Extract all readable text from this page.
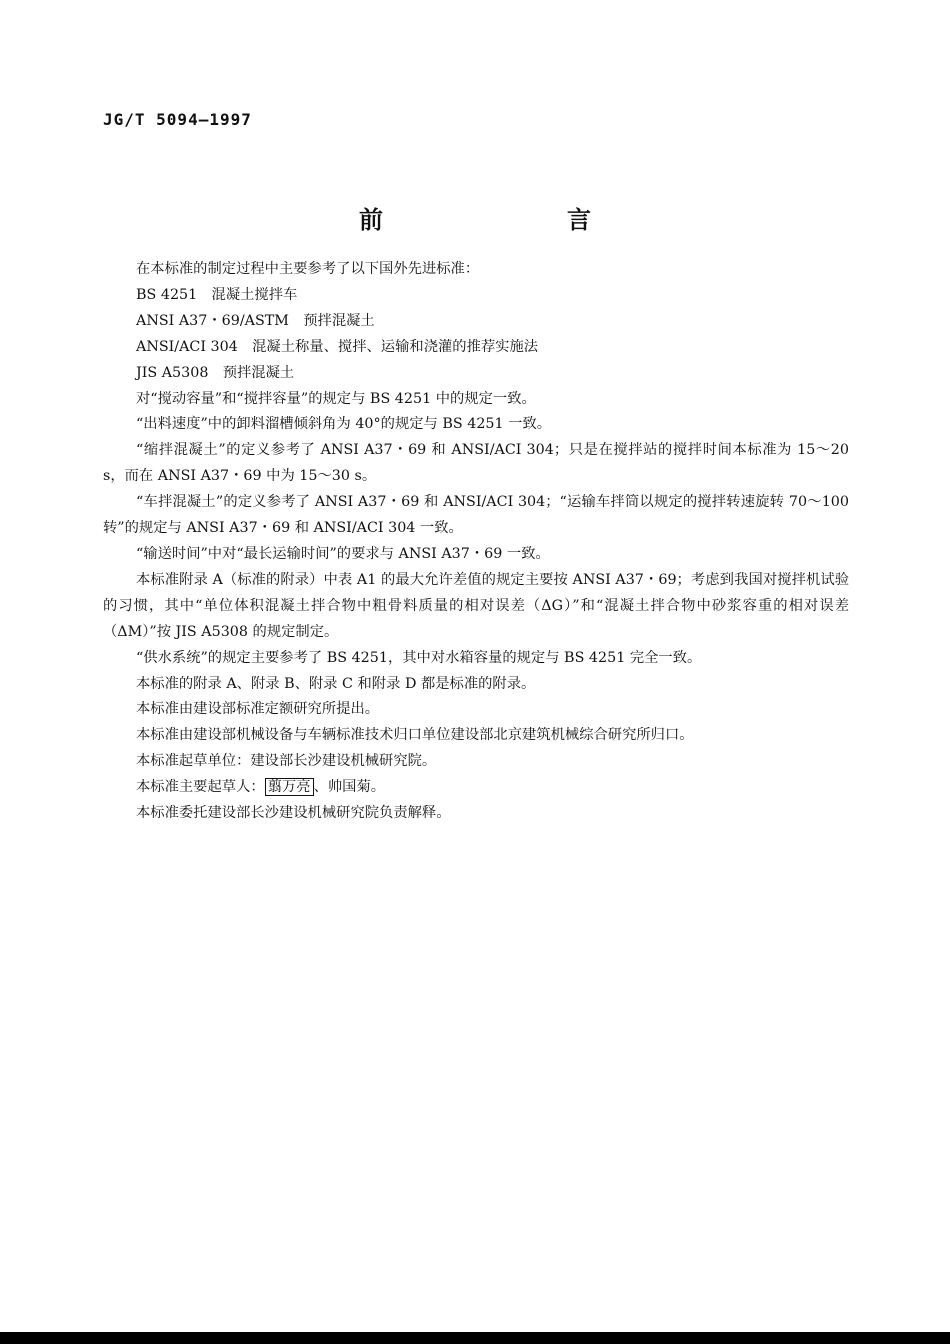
JG/T 5094—1997
前　言

在本标准的制定过程中主要参考了以下国外先进标准：

BS 4251　混凝土搅拌车

ANSI A37・69/ASTM　预拌混凝土

ANSI/ACI 304　混凝土称量、搅拌、运输和浇灌的推荐实施法

JIS A5308　预拌混凝土

对“搅动容量”和“搅拌容量”的规定与 BS 4251 中的规定一致。

“出料速度”中的卸料溜槽倾斜角为 40°的规定与 BS 4251 一致。

“缩拌混凝土”的定义参考了 ANSI A37・69 和 ANSI/ACI 304；只是在搅拌站的搅拌时间本标准为 15～20 s，而在 ANSI A37・69 中为 15～30 s。

“车拌混凝土”的定义参考了 ANSI A37・69 和 ANSI/ACI 304；“运输车拌筒以规定的搅拌转速旋转 70～100 转”的规定与 ANSI A37・69 和 ANSI/ACI 304 一致。

“输送时间”中对“最长运输时间”的要求与 ANSI A37・69 一致。

本标准附录 A（标准的附录）中表 A1 的最大允许差值的规定主要按 ANSI A37・69；考虑到我国对搅拌机试验的习惯，其中“单位体积混凝土拌合物中粗骨料质量的相对误差（ΔG）”和“混凝土拌合物中砂浆容重的相对误差（ΔM）”按 JIS A5308 的规定制定。

“供水系统”的规定主要参考了 BS 4251，其中对水箱容量的规定与 BS 4251 完全一致。

本标准的附录 A、附录 B、附录 C 和附录 D 都是标准的附录。

本标准由建设部标准定额研究所提出。

本标准由建设部机械设备与车辆标准技术归口单位建设部北京建筑机械综合研究所归口。

本标准起草单位：建设部长沙建设机械研究院。

本标准主要起草人： 翦万亮 、帅国菊。

本标准委托建设部长沙建设机械研究院负责解释。
